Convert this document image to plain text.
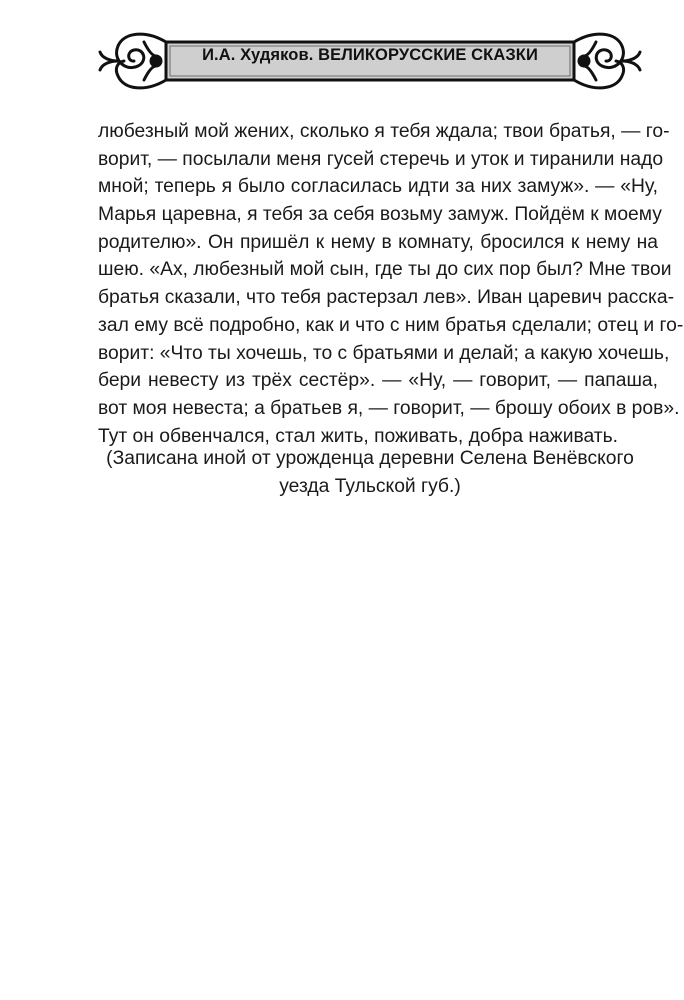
И.А. Худяков. ВЕЛИКОРУССКИЕ СКАЗКИ
любезный мой жених, сколько я тебя ждала; твои братья, — го-
ворит, — посылали меня гусей стеречь и уток и тиранили надо
мной; теперь я было согласилась идти за них замуж». — «Ну,
Марья царевна, я тебя за себя возьму замуж. Пойдём к моему
родителю». Он пришёл к нему в комнату, бросился к нему на
шею. «Ах, любезный мой сын, где ты до сих пор был? Мне твои
братья сказали, что тебя растерзал лев». Иван царевич расска-
зал ему всё подробно, как и что с ним братья сделали; отец и го-
ворит: «Что ты хочешь, то с братьями и делай; а какую хочешь,
бери невесту из трёх сестёр». — «Ну, — говорит, — папаша,
вот моя невеста; а братьев я, — говорит, — брошу обоих в ров».
Тут он обвенчался, стал жить, поживать, добра наживать.
(Записана иной от урожденца деревни Селена Венёвского
уезда Тульской губ.)
